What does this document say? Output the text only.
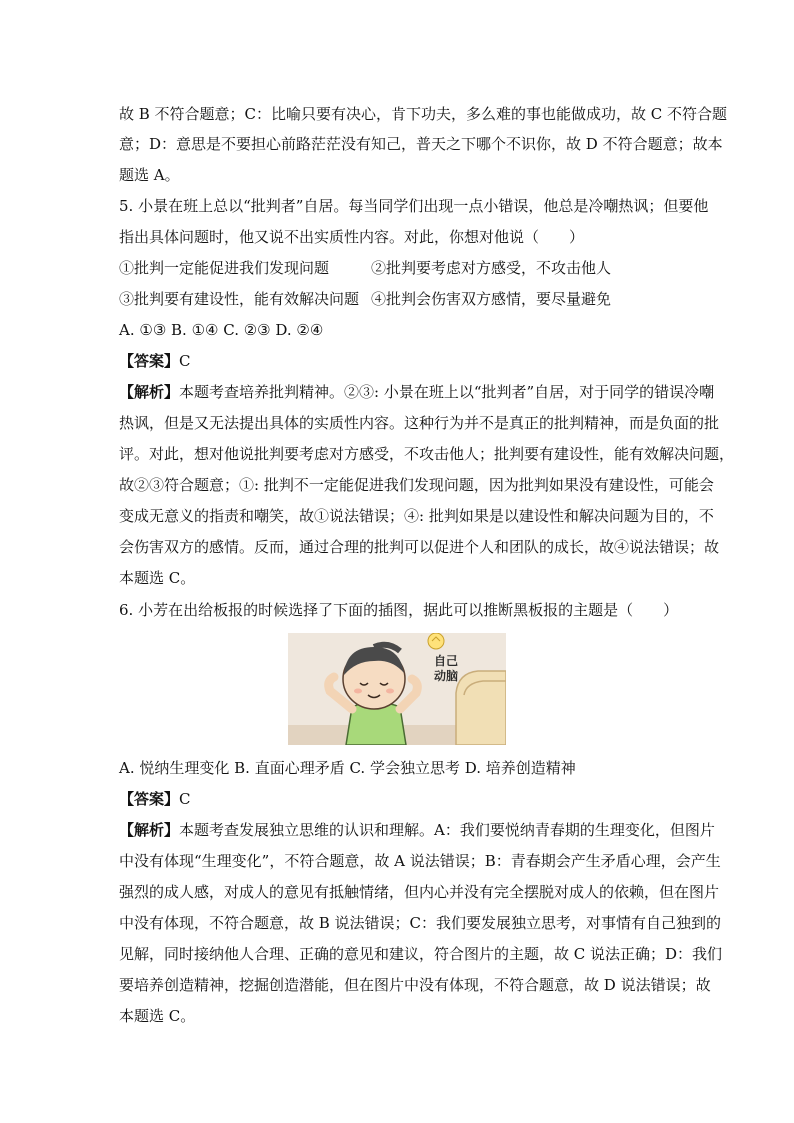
故 B 不符合题意；C：比喻只要有决心，肯下功夫，多么难的事也能做成功，故 C 不符合题
意；D：意思是不要担心前路茫茫没有知己，普天之下哪个不识你，故 D 不符合题意；故本
题选 A。
5. 小景在班上总以“批判者”自居。每当同学们出现一点小错误，他总是冷嘲热讽；但要他
指出具体问题时，他又说不出实质性内容。对此，你想对他说（　　）
①批判一定能促进我们发现问题	②批判要考虑对方感受，不攻击他人
③批判要有建设性，能有效解决问题 ④批判会伤害双方感情，要尽量避免
A. ①③ B. ①④ C. ②③ D. ②④
【答案】C
【解析】本题考查培养批判精神。②③: 小景在班上以“批判者”自居，对于同学的错误冷嘲
热讽，但是又无法提出具体的实质性内容。这种行为并不是真正的批判精神，而是负面的批
评。对此，想对他说批判要考虑对方感受，不攻击他人；批判要有建设性，能有效解决问题，
故②③符合题意；①: 批判不一定能促进我们发现问题，因为批判如果没有建设性，可能会
变成无意义的指责和嘲笑，故①说法错误；④: 批判如果是以建设性和解决问题为目的，不
会伤害双方的感情。反而，通过合理的批判可以促进个人和团队的成长，故④说法错误；故
本题选 C。
6. 小芳在出给板报的时候选择了下面的插图，据此可以推断黑板报的主题是（　　）
自己
动脑
A. 悦纳生理变化 B. 直面心理矛盾 C. 学会独立思考 D. 培养创造精神
【答案】C
【解析】本题考查发展独立思维的认识和理解。A：我们要悦纳青春期的生理变化，但图片
中没有体现“生理变化”，不符合题意，故 A 说法错误；B：青春期会产生矛盾心理，会产生
强烈的成人感，对成人的意见有抵触情绪，但内心并没有完全摆脱对成人的依赖，但在图片
中没有体现，不符合题意，故 B 说法错误；C：我们要发展独立思考，对事情有自己独到的
见解，同时接纳他人合理、正确的意见和建议，符合图片的主题，故 C 说法正确；D：我们
要培养创造精神，挖掘创造潜能，但在图片中没有体现，不符合题意，故 D 说法错误；故
本题选 C。
